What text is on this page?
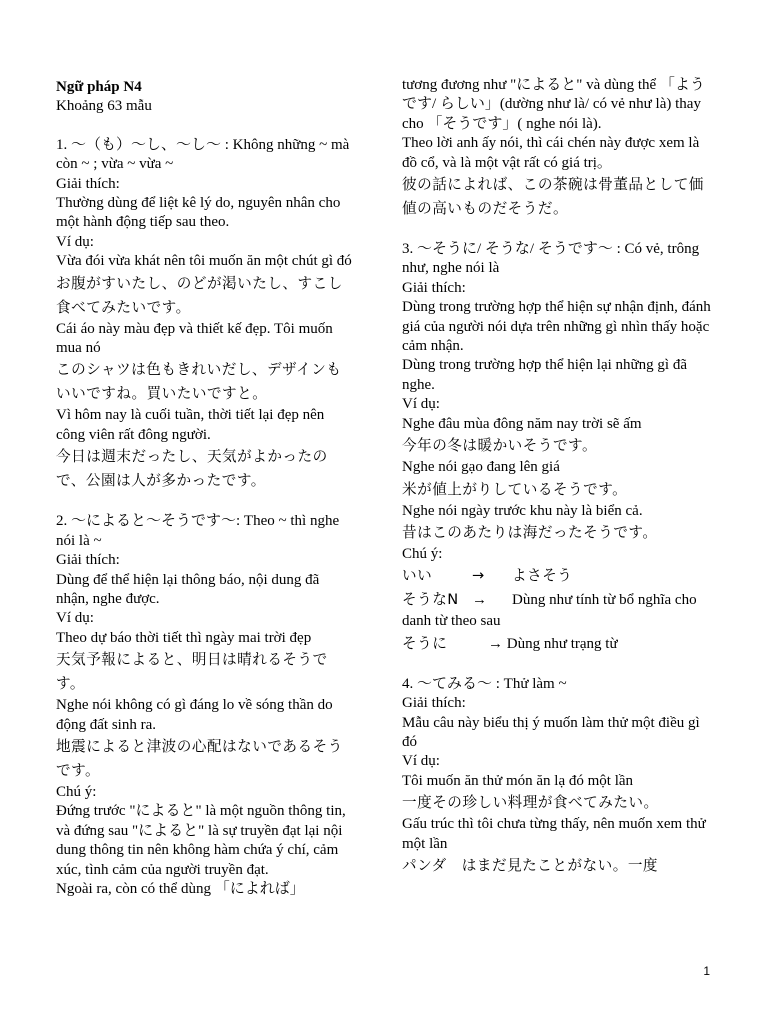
Ngữ pháp N4

Khoảng 63 mẫu

1. 〜（も）〜し、〜し〜 : Không những ~ mà còn ~ ; vừa ~ vừa ~

Giải thích:

Thường dùng để liệt kê lý do, nguyên nhân cho một hành động tiếp sau theo.

Ví dụ:

Vừa đói vừa khát nên tôi muốn ăn một chút gì đó

お腹がすいたし、のどが渇いたし、すこし食べてみたいです。

Cái áo này màu đẹp và thiết kế đẹp. Tôi muốn mua nó

このシャツは色もきれいだし、デザインもいいですね。買いたいですと。

Vì hôm nay là cuối tuần, thời tiết lại đẹp nên công viên rất đông người.

今日は週末だったし、天気がよかったので、公園は人が多かったです。

2. 〜によると〜そうです〜: Theo ~ thì nghe nói là ~

Giải thích:

Dùng để thể hiện lại thông báo, nội dung đã nhận, nghe được.

Ví dụ:

Theo dự báo thời tiết thì ngày mai trời đẹp

天気予報によると、明日は晴れるそうです。

Nghe nói không có gì đáng lo về sóng thần do động đất sinh ra.

地震によると津波の心配はないであるそうです。

Chú ý:

Đứng trước "によると" là một nguồn thông tin, và đứng sau "によると" là sự truyền đạt lại nội dung thông tin nên không hàm chứa ý chí, cảm xúc, tình cảm của người truyền đạt.

Ngoài ra, còn có thể dùng 「によれば」

tương đương như "によると" và dùng thể 「ようです/ らしい」(dường như là/ có vẻ như là) thay cho 「そうです」( nghe nói là).

Theo lời anh ấy nói, thì cái chén này được xem là đồ cổ, và là một vật rất có giá trị。

彼の話によれば、この茶碗は骨董品として価値の高いものだそうだ。

3. 〜そうに/ そうな/ そうです〜 : Có vẻ, trông như, nghe nói là

Giải thích:

Dùng trong trường hợp thể hiện sự nhận định, đánh giá của người nói dựa trên những gì nhìn thấy hoặc cảm nhận.

Dùng trong trường hợp thể hiện lại những gì đã nghe.

Ví dụ:

Nghe đâu mùa đông năm nay trời sẽ ấm

今年の冬は暖かいそうです。

Nghe nói gạo đang lên giá

米が値上がりしているそうです。

Nghe nói ngày trước khu này là biển cả.

昔はこのあたりは海だったそうです。

Chú ý:

いい	→	よさそう

そうなN → Dùng như tính từ bổ nghĩa cho danh từ theo sau

そうに	→ Dùng như trạng từ

4. 〜てみる〜 : Thử làm ~

Giải thích:

Mẫu câu này biểu thị ý muốn làm thử một điều gì đó

Ví dụ:

Tôi muốn ăn thử món ăn lạ đó một lần

一度その珍しい料理が食べてみたい。

Gấu trúc thì tôi chưa từng thấy, nên muốn xem thử một lần

パンダ　はまだ見たことがない。一度

1
